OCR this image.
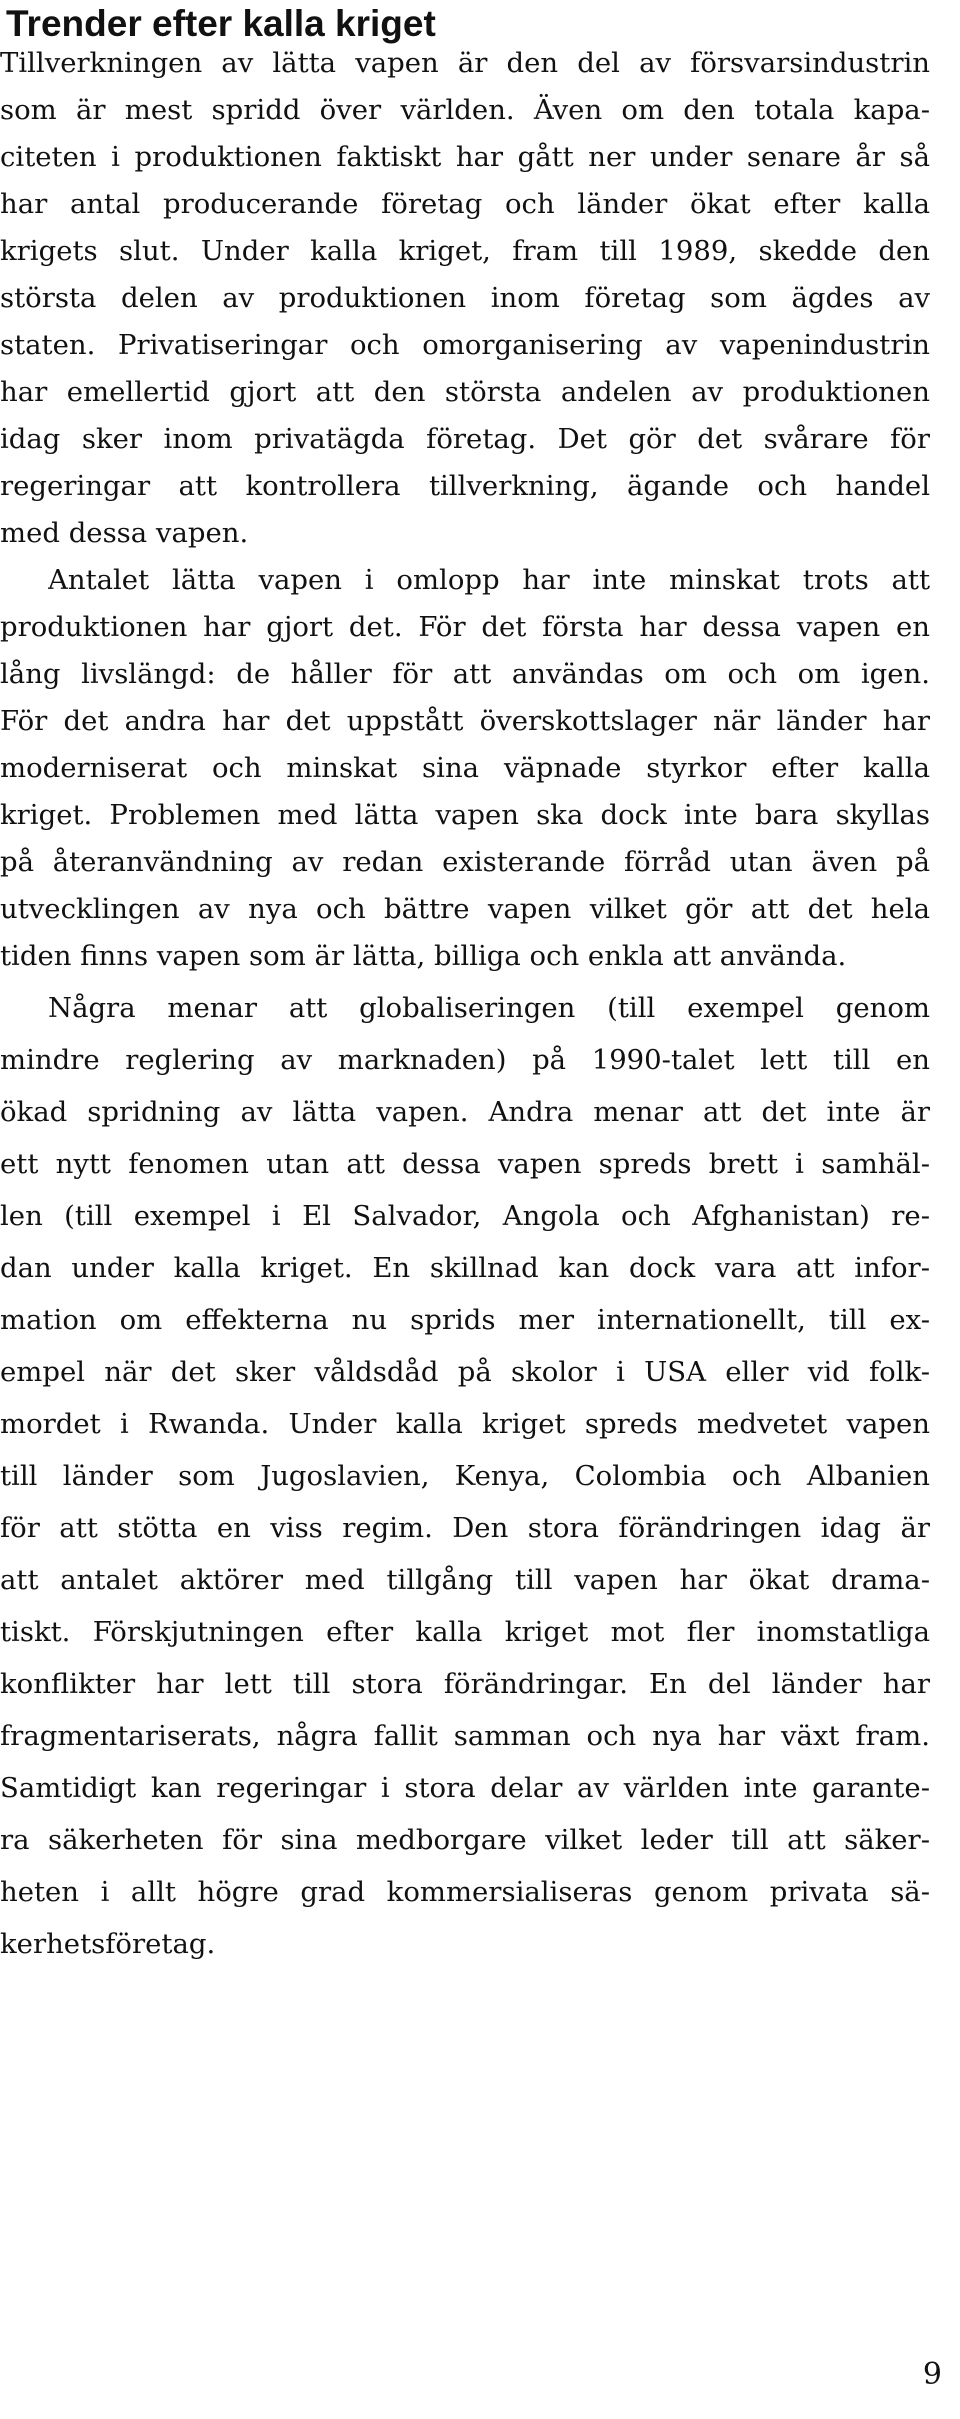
Trender efter kalla kriget
Tillverkningen av lätta vapen är den del av försvarsindustrin
som är mest spridd över världen. Även om den totala kapa-
citeten i produktionen faktiskt har gått ner under senare år så
har antal producerande företag och länder ökat efter kalla
krigets slut. Under kalla kriget, fram till 1989, skedde den
största delen av produktionen inom företag som ägdes av
staten. Privatiseringar och omorganisering av vapenindustrin
har emellertid gjort att den största andelen av produktionen
idag sker inom privatägda företag. Det gör det svårare för
regeringar att kontrollera tillverkning, ägande och handel
med dessa vapen.
Antalet lätta vapen i omlopp har inte minskat trots att
produktionen har gjort det. För det första har dessa vapen en
lång livslängd: de håller för att användas om och om igen.
För det andra har det uppstått överskottslager när länder har
moderniserat och minskat sina väpnade styrkor efter kalla
kriget. Problemen med lätta vapen ska dock inte bara skyllas
på återanvändning av redan existerande förråd utan även på
utvecklingen av nya och bättre vapen vilket gör att det hela
tiden finns vapen som är lätta, billiga och enkla att använda.
Några menar att globaliseringen (till exempel genom
mindre reglering av marknaden) på 1990-talet lett till en
ökad spridning av lätta vapen. Andra menar att det inte är
ett nytt fenomen utan att dessa vapen spreds brett i samhäl-
len (till exempel i El Salvador, Angola och Afghanistan) re-
dan under kalla kriget. En skillnad kan dock vara att infor-
mation om effekterna nu sprids mer internationellt, till ex-
empel när det sker våldsdåd på skolor i USA eller vid folk-
mordet i Rwanda. Under kalla kriget spreds medvetet vapen
till länder som Jugoslavien, Kenya, Colombia och Albanien
för att stötta en viss regim. Den stora förändringen idag är
att antalet aktörer med tillgång till vapen har ökat drama-
tiskt. Förskjutningen efter kalla kriget mot fler inomstatliga
konflikter har lett till stora förändringar. En del länder har
fragmentariserats, några fallit samman och nya har växt fram.
Samtidigt kan regeringar i stora delar av världen inte garante-
ra säkerheten för sina medborgare vilket leder till att säker-
heten i allt högre grad kommersialiseras genom privata sä-
kerhetsföretag.
9
